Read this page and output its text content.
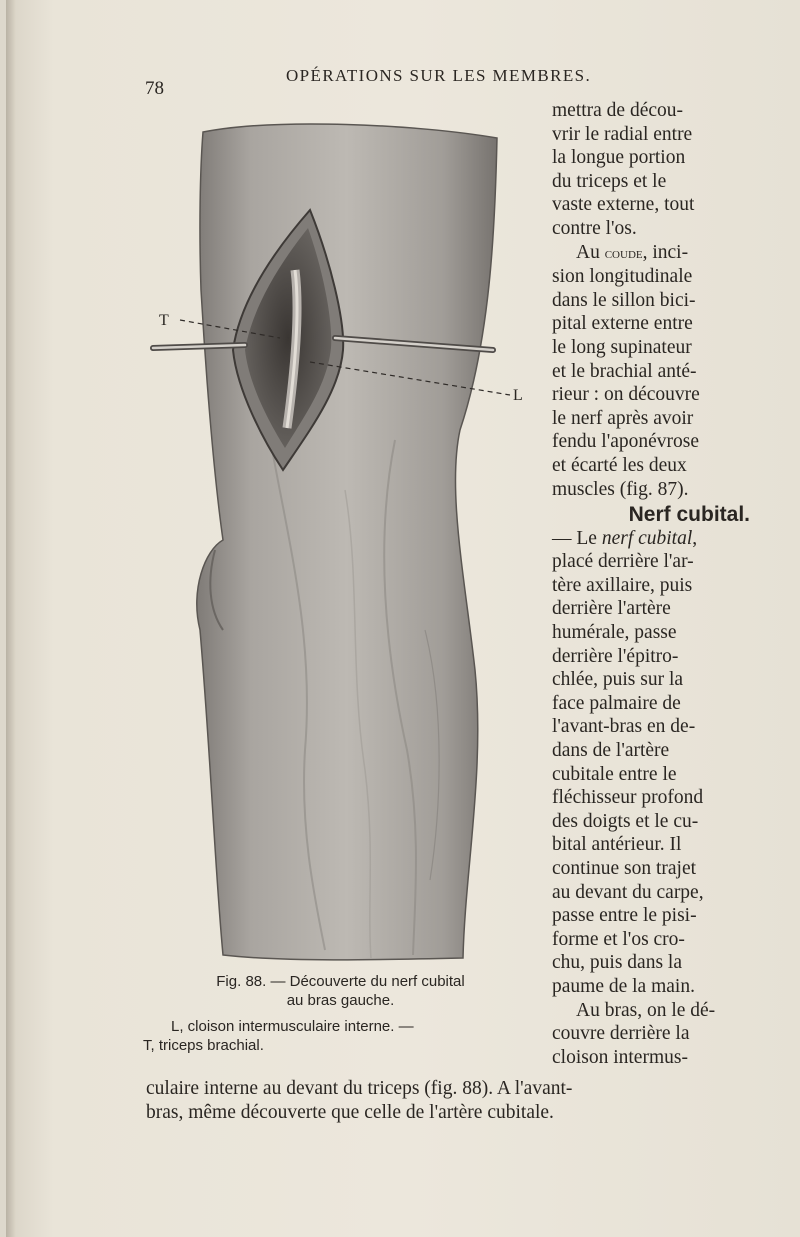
78
OPÉRATIONS SUR LES MEMBRES.
T
L
Fig. 88. — Découverte du nerf cubital
au bras gauche.
L, cloison intermusculaire interne. —
T, triceps brachial.

mettra de décou-

vrir le radial entre

la longue portion

du triceps et le

vaste externe, tout

contre l'os.

Au coude, inci-

sion longitudinale

dans le sillon bici-

pital externe entre

le long supinateur

et le brachial anté-

rieur : on découvre

le nerf après avoir

fendu l'aponévrose

et écarté les deux

muscles (fig. 87).

Nerf cubital.

— Le nerf cubital,

placé derrière l'ar-

tère axillaire, puis

derrière l'artère

humérale, passe

derrière l'épitro-

chlée, puis sur la

face palmaire de

l'avant-bras en de-

dans de l'artère

cubitale entre le

fléchisseur profond

des doigts et le cu-

bital antérieur. Il

continue son trajet

au devant du carpe,

passe entre le pisi-

forme et l'os cro-

chu, puis dans la

paume de la main.

Au bras, on le dé-

couvre derrière la

cloison intermus-

culaire interne au devant du triceps (fig. 88). A l'avant-
bras, même découverte que celle de l'artère cubitale.
